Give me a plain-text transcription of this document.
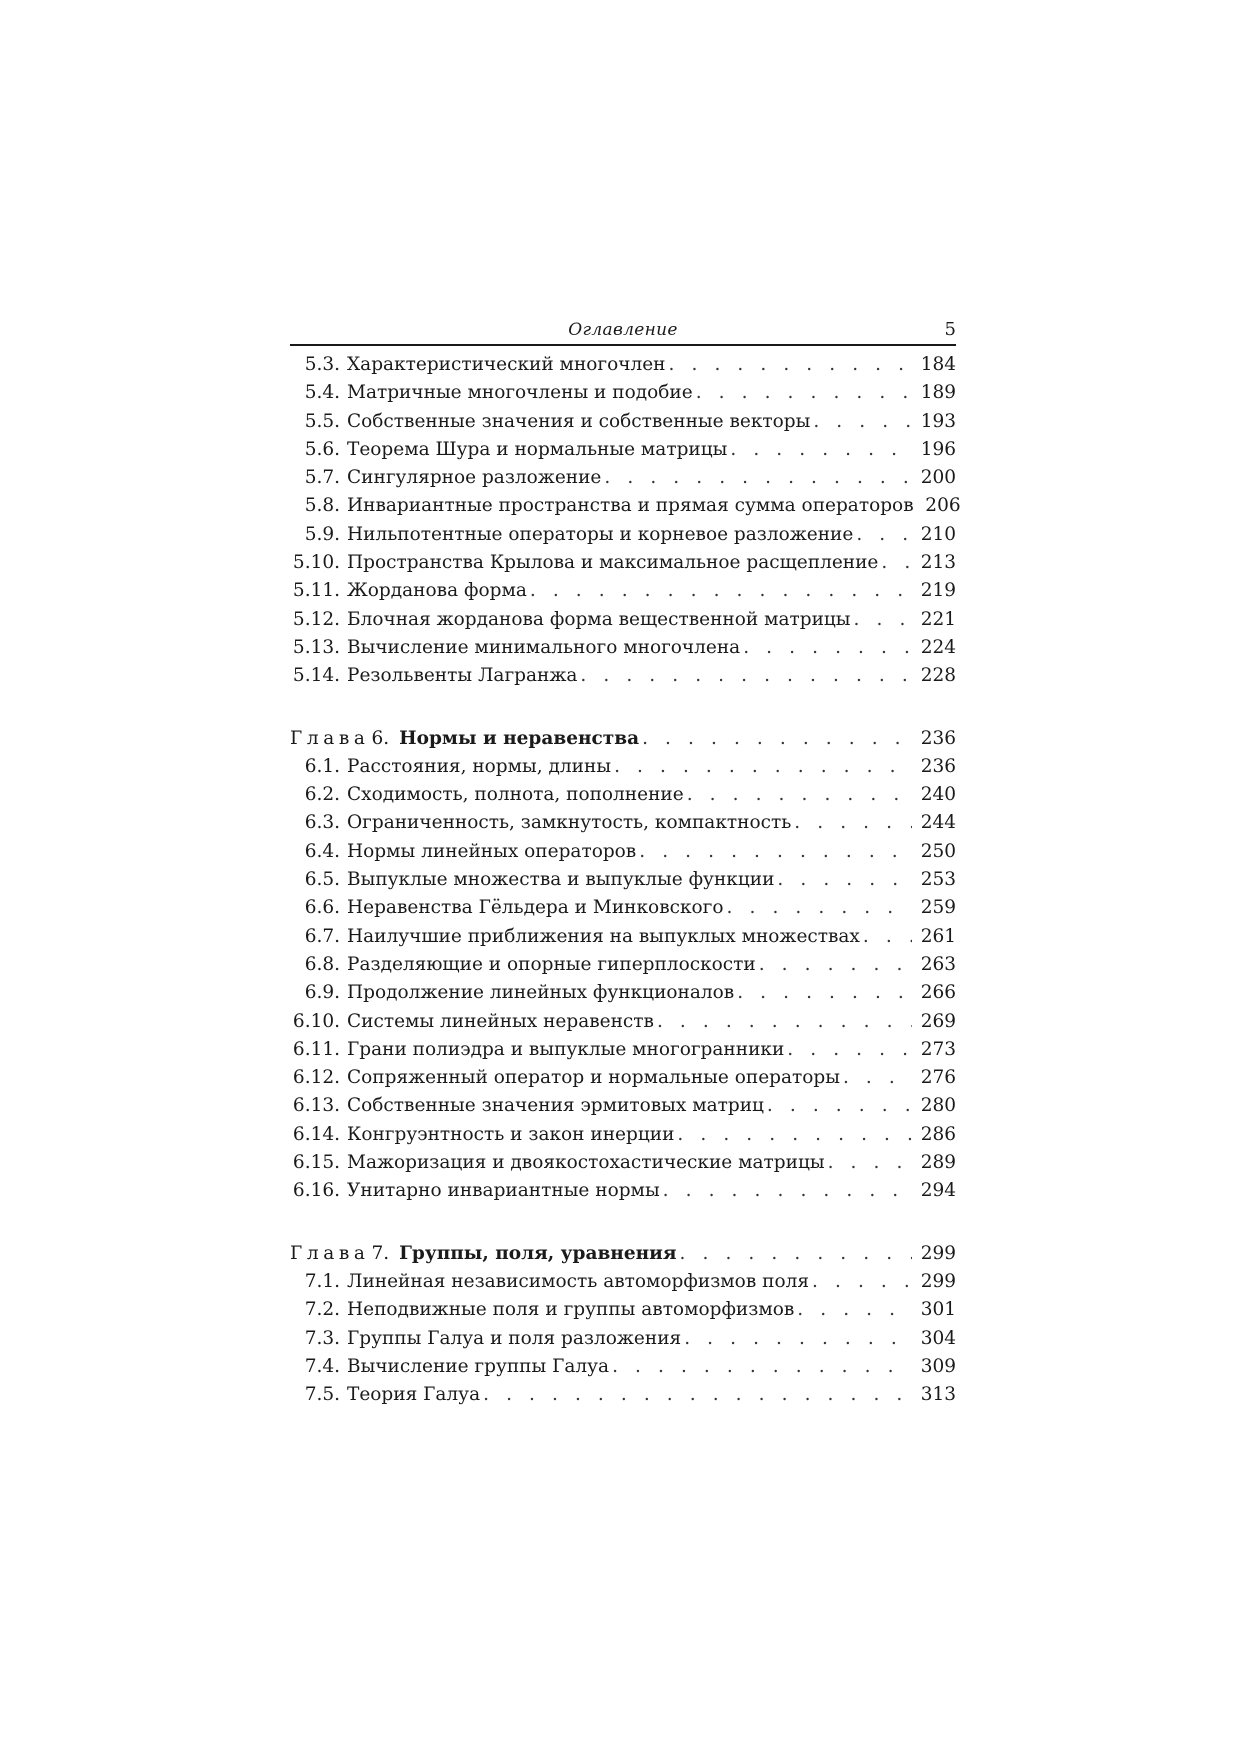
Оглавление	5
5.3. Характеристический многочлен . . .	184
5.4. Матричные многочлены и подобие . . .	189
5.5. Собственные значения и собственные векторы . . .	193
5.6. Теорема Шура и нормальные матрицы . . .	196
5.7. Сингулярное разложение . . .	200
5.8. Инвариантные пространства и прямая сумма операторов 206
5.9. Нильпотентные операторы и корневое разложение . . .	210
5.10. Пространства Крылова и максимальное расщепление . . . 213
5.11. Жорданова форма . . .	219
5.12. Блочная жорданова форма вещественной матрицы . . .	221
5.13. Вычисление минимального многочлена . . .	224
5.14. Резольвенты Лагранжа . . .	228
Глава 6. Нормы и неравенства . . .	236
6.1. Расстояния, нормы, длины . . .	236
6.2. Сходимость, полнота, пополнение . . .	240
6.3. Ограниченность, замкнутость, компактность . . .	244
6.4. Нормы линейных операторов . . .	250
6.5. Выпуклые множества и выпуклые функции . . .	253
6.6. Неравенства Гёльдера и Минковского . . .	259
6.7. Наилучшие приближения на выпуклых множествах . . .	261
6.8. Разделяющие и опорные гиперплоскости . . .	263
6.9. Продолжение линейных функционалов . . .	266
6.10. Системы линейных неравенств . . .	269
6.11. Грани полиэдра и выпуклые многогранники . . .	273
6.12. Сопряженный оператор и нормальные операторы . . .	276
6.13. Собственные значения эрмитовых матриц . . .	280
6.14. Конгруэнтность и закон инерции . . .	286
6.15. Мажоризация и двоякостохастические матрицы . . .	289
6.16. Унитарно инвариантные нормы . . .	294
Глава 7. Группы, поля, уравнения . . .	299
7.1. Линейная независимость автоморфизмов поля . . .	299
7.2. Неподвижные поля и группы автоморфизмов . . .	301
7.3. Группы Галуа и поля разложения . . .	304
7.4. Вычисление группы Галуа . . .	309
7.5. Теория Галуа . . .	313
